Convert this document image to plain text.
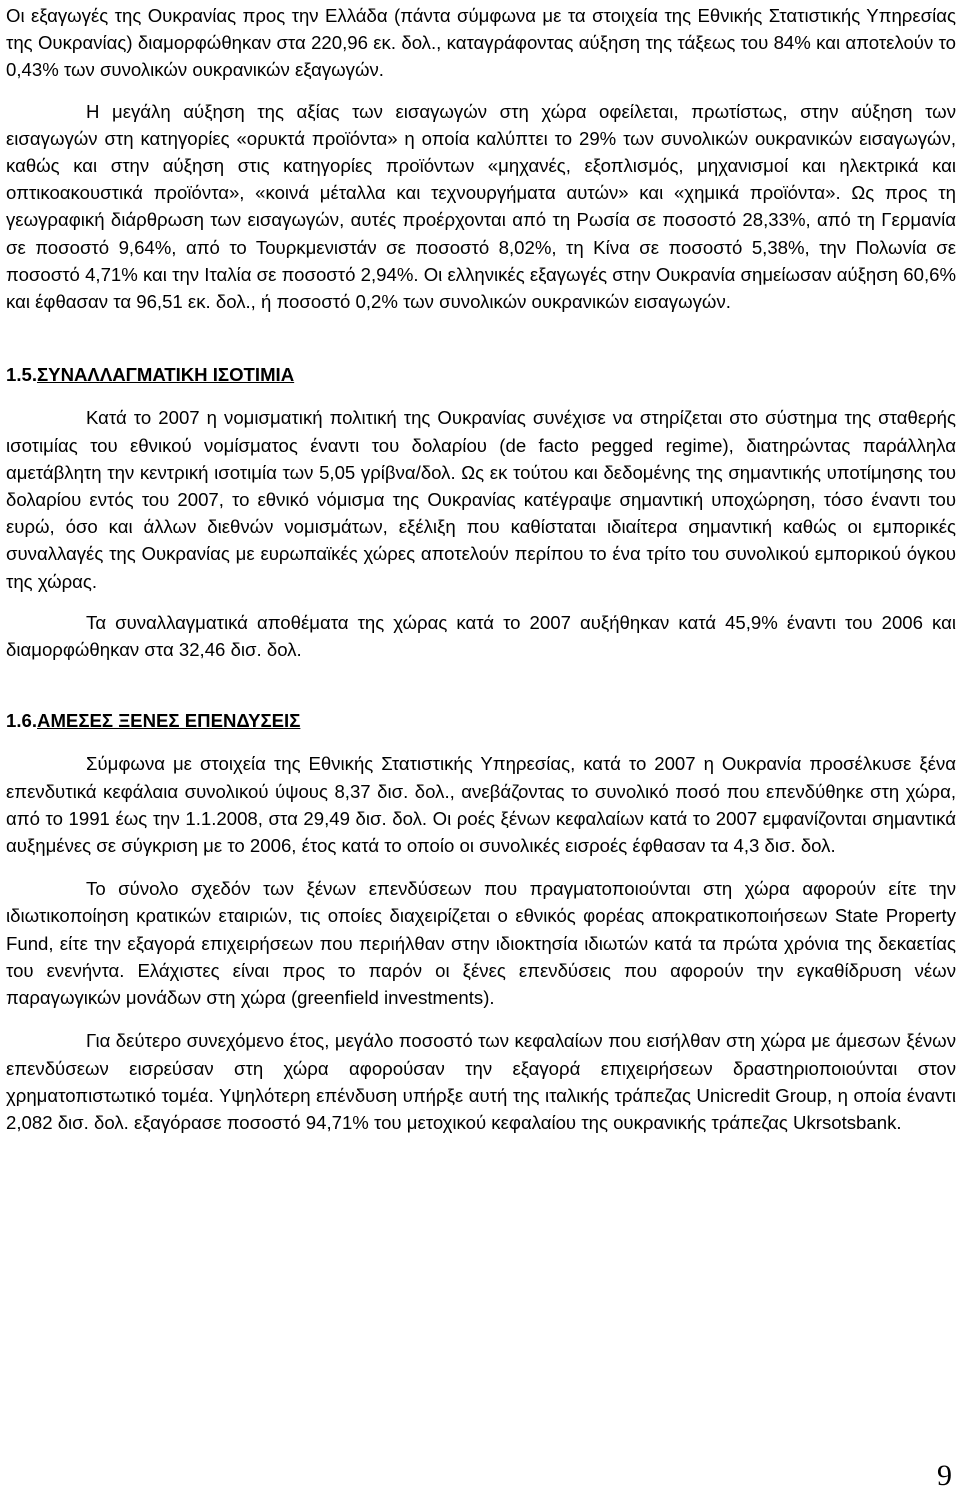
Οι εξαγωγές της Ουκρανίας προς την Ελλάδα (πάντα σύμφωνα με τα στοιχεία της Εθνικής Στατιστικής Υπηρεσίας της Ουκρανίας) διαμορφώθηκαν στα 220,96 εκ. δολ., καταγράφοντας αύξηση της τάξεως του 84% και αποτελούν το 0,43% των συνολικών ουκρανικών εξαγωγών.

Η μεγάλη αύξηση της αξίας των εισαγωγών στη χώρα οφείλεται, πρωτίστως, στην αύξηση των εισαγωγών στη κατηγορίες «ορυκτά προϊόντα» η οποία καλύπτει το 29% των συνολικών ουκρανικών εισαγωγών, καθώς και στην αύξηση στις κατηγορίες προϊόντων «μηχανές, εξοπλισμός, μηχανισμοί και ηλεκτρικά και οπτικοακουστικά προϊόντα», «κοινά μέταλλα και τεχνουργήματα αυτών» και «χημικά προϊόντα». Ως προς τη γεωγραφική διάρθρωση των εισαγωγών, αυτές προέρχονται από τη Ρωσία σε ποσοστό 28,33%, από τη Γερμανία σε ποσοστό 9,64%, από το Τουρκμενιστάν σε ποσοστό 8,02%, τη Κίνα σε ποσοστό 5,38%, την Πολωνία σε ποσοστό 4,71% και την Ιταλία σε ποσοστό 2,94%. Οι ελληνικές εξαγωγές στην Ουκρανία σημείωσαν αύξηση 60,6% και έφθασαν τα 96,51 εκ. δολ., ή ποσοστό 0,2% των συνολικών ουκρανικών εισαγωγών.

1.5.ΣΥΝΑΛΛΑΓΜΑΤΙΚΗ ΙΣΟΤΙΜΙΑ

Κατά το 2007 η νομισματική πολιτική της Ουκρανίας συνέχισε να στηρίζεται στο σύστημα της σταθερής ισοτιμίας του εθνικού νομίσματος έναντι του δολαρίου (de facto pegged regime), διατηρώντας παράλληλα αμετάβλητη την κεντρική ισοτιμία των 5,05 γρίβνα/δολ. Ως εκ τούτου και δεδομένης της σημαντικής υποτίμησης του δολαρίου εντός του 2007, το εθνικό νόμισμα της Ουκρανίας κατέγραψε σημαντική υποχώρηση, τόσο έναντι του ευρώ, όσο και άλλων διεθνών νομισμάτων, εξέλιξη που καθίσταται ιδιαίτερα σημαντική καθώς οι εμπορικές συναλλαγές της Ουκρανίας με ευρωπαϊκές χώρες αποτελούν περίπου το ένα τρίτο του συνολικού εμπορικού όγκου της χώρας.

Τα συναλλαγματικά αποθέματα της χώρας κατά το 2007 αυξήθηκαν κατά 45,9% έναντι του 2006 και διαμορφώθηκαν στα 32,46 δισ. δολ.

1.6.ΑΜΕΣΕΣ ΞΕΝΕΣ ΕΠΕΝΔΥΣΕΙΣ

Σύμφωνα με στοιχεία της Εθνικής Στατιστικής Υπηρεσίας, κατά το 2007 η Ουκρανία προσέλκυσε ξένα επενδυτικά κεφάλαια συνολικού ύψους 8,37 δισ. δολ., ανεβάζοντας το συνολικό ποσό που επενδύθηκε στη χώρα, από το 1991 έως την 1.1.2008, στα 29,49 δισ. δολ. Οι ροές ξένων κεφαλαίων κατά το 2007 εμφανίζονται σημαντικά αυξημένες σε σύγκριση με το 2006, έτος κατά το οποίο οι συνολικές εισροές έφθασαν τα 4,3 δισ. δολ.

Το σύνολο σχεδόν των ξένων επενδύσεων που πραγματοποιούνται στη χώρα αφορούν είτε την ιδιωτικοποίηση κρατικών εταιριών, τις οποίες διαχειρίζεται ο εθνικός φορέας αποκρατικοποιήσεων State Property Fund, είτε την εξαγορά επιχειρήσεων που περιήλθαν στην ιδιοκτησία ιδιωτών κατά τα πρώτα χρόνια της δεκαετίας του ενενήντα. Ελάχιστες είναι προς το παρόν οι ξένες επενδύσεις που αφορούν την εγκαθίδρυση νέων παραγωγικών μονάδων στη χώρα (greenfield investments).

Για δεύτερο συνεχόμενο έτος, μεγάλο ποσοστό των κεφαλαίων που εισήλθαν στη χώρα με άμεσων ξένων επενδύσεων εισρεύσαν στη χώρα αφορούσαν την εξαγορά επιχειρήσεων δραστηριοποιούνται στον χρηματοπιστωτικό τομέα. Υψηλότερη επένδυση υπήρξε αυτή της ιταλικής τράπεζας Unicredit Group, η οποία έναντι 2,082 δισ. δολ. εξαγόρασε ποσοστό 94,71% του μετοχικού κεφαλαίου της ουκρανικής τράπεζας Ukrsotsbank.

9
